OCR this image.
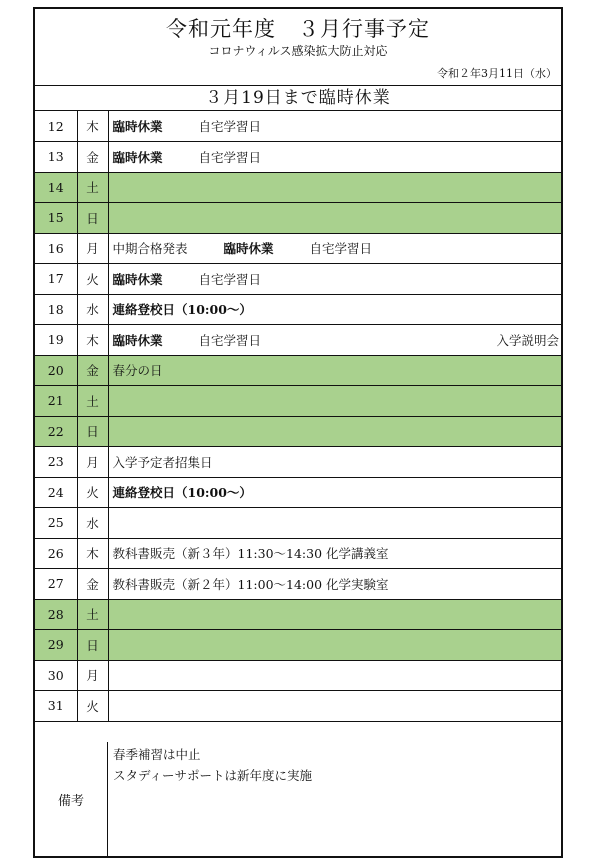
令和元年度　３月行事予定
コロナウィルス感染拡大防止対応
令和２年3月11日（水）
３月19日まで臨時休業
12	木	臨時休業 自宅学習日
13	金	臨時休業 自宅学習日
14	土	
15	日	
16	月	中期合格発表 臨時休業 自宅学習日
17	火	臨時休業 自宅学習日
18	水	連絡登校日（10:00～）
19	木	臨時休業 自宅学習日 入学説明会

20	金	春分の日
21	土	
22	日	
23	月	入学予定者招集日
24	火	連絡登校日（10:00～）
25	水	
26	木	教科書販売（新３年）11:30～14:30 化学講義室
27	金	教科書販売（新２年）11:00～14:00 化学実験室
28	土	
29	日	
30	月	
31	火	
備考
春季補習は中止
スタディーサポートは新年度に実施
